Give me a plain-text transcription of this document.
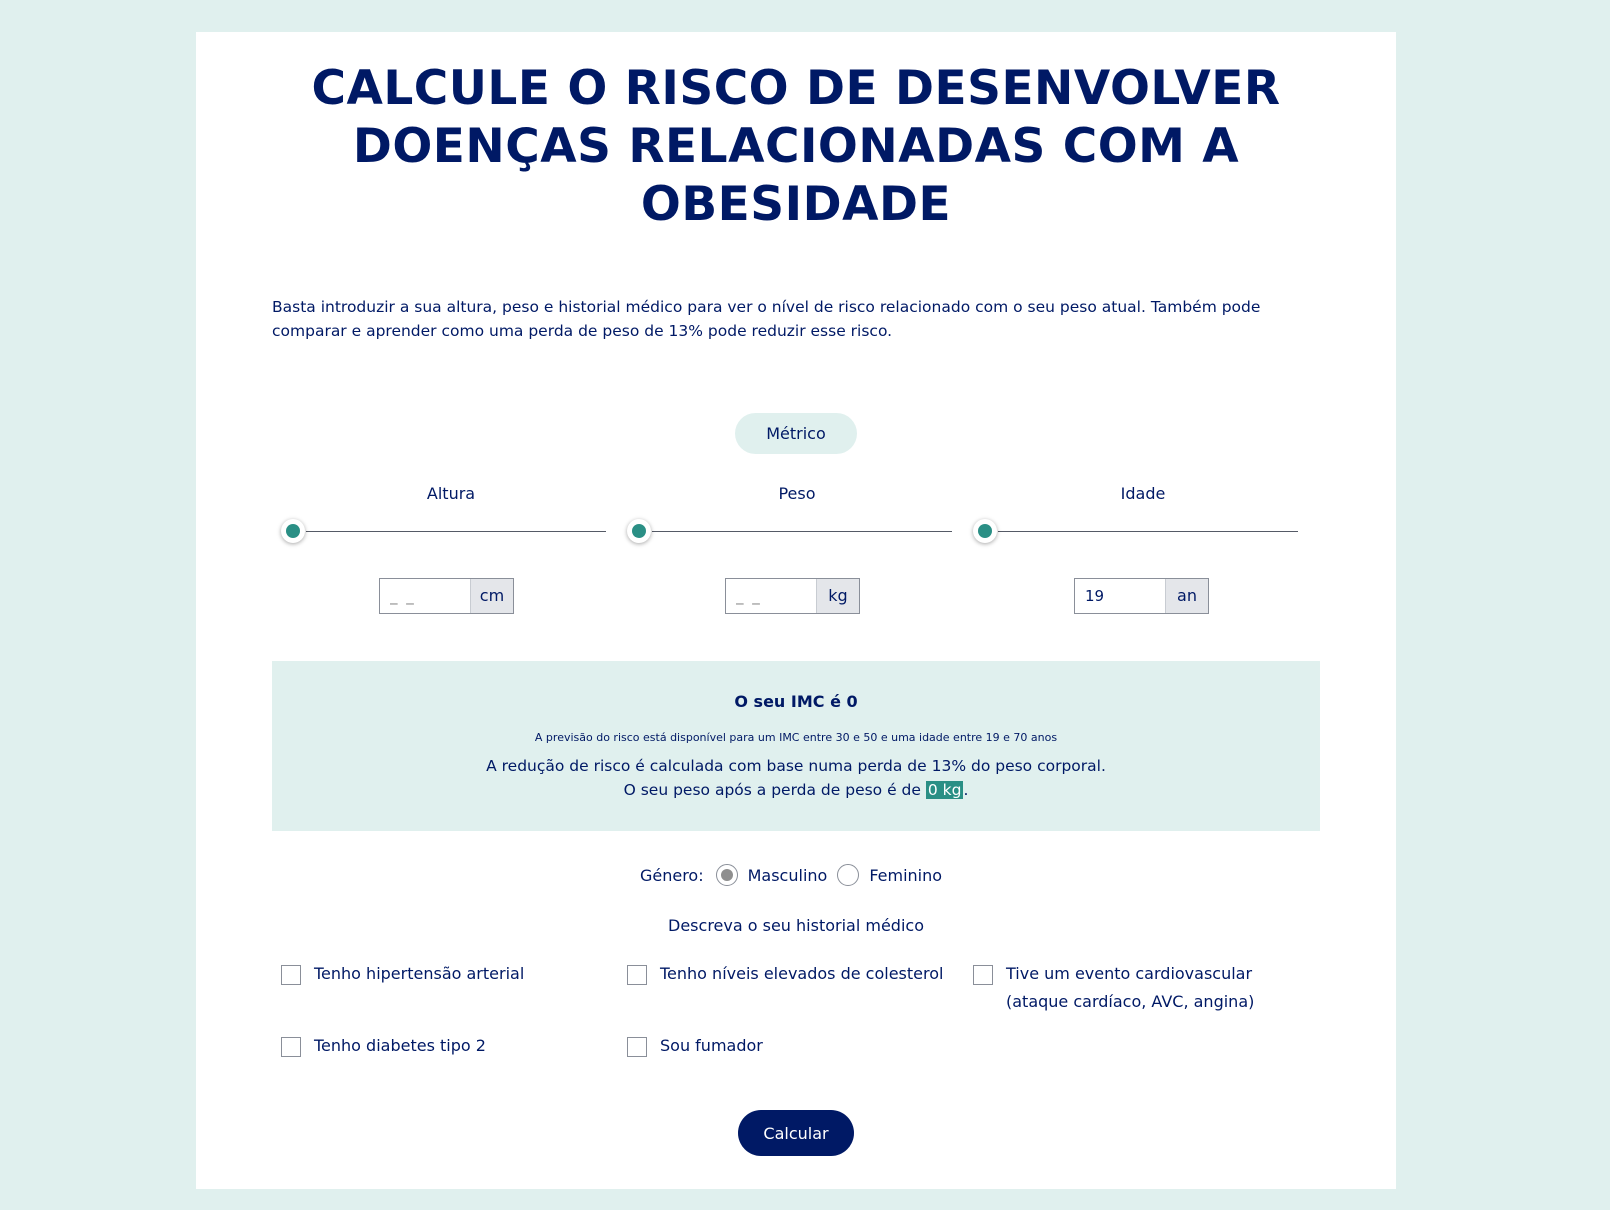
CALCULE O RISCO DE DESENVOLVER
DOENÇAS RELACIONADAS COM A
OBESIDADE

Basta introduzir a sua altura, peso e historial médico para ver o nível de risco relacionado com o seu peso atual. Também pode comparar e aprender como uma perda de peso de 13% pode reduzir esse risco.

Métrico
Altura
_ _
cm
Peso
_ _
kg
Idade
19
an
O seu IMC é 0
A previsão do risco está disponível para um IMC entre 30 e 50 e uma idade entre 19 e 70 anos
A redução de risco é calculada com base numa perda de 13% do peso corporal.
O seu peso após a perda de peso é de 0 kg .
Género:	Masculino	Feminino
Descreva o seu historial médico
Tenho hipertensão arterial	Tenho níveis elevados de colesterol	Tive um evento cardiovascular (ataque cardíaco, AVC, angina)
Tenho diabetes tipo 2	Sou fumador
Calcular
